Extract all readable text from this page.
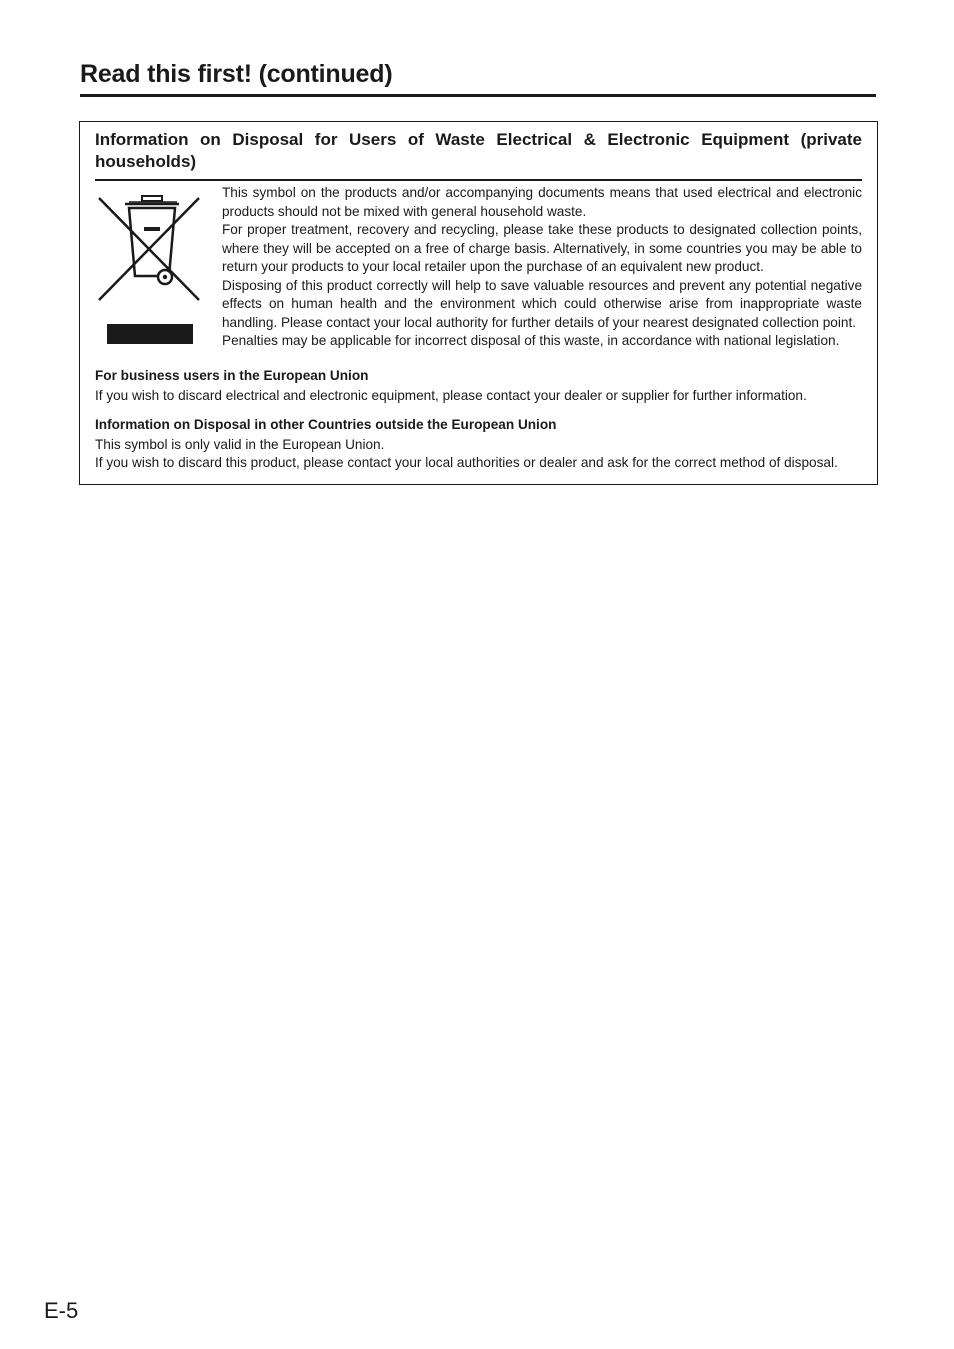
Read this first! (continued)
Information on Disposal for Users of Waste Electrical & Electronic Equipment (private households)

This symbol on the products and/or accompanying documents means that used electrical and electronic products should not be mixed with general household waste.

For proper treatment, recovery and recycling, please take these products to designated collection points, where they will be accepted on a free of charge basis. Alternatively, in some countries you may be able to return your products to your local retailer upon the purchase of an equivalent new product.

Disposing of this product correctly will help to save valuable resources and prevent any potential negative effects on human health and the environment which could otherwise arise from inappropriate waste handling. Please contact your local authority for further details of your nearest designated collection point.

Penalties may be applicable for incorrect disposal of this waste, in accordance with national legislation.

For business users in the European Union

If you wish to discard electrical and electronic equipment, please contact your dealer or supplier for further information.

Information on Disposal in other Countries outside the European Union

This symbol is only valid in the European Union.

If you wish to discard this product, please contact your local authorities or dealer and ask for the correct method of disposal.

E-5
